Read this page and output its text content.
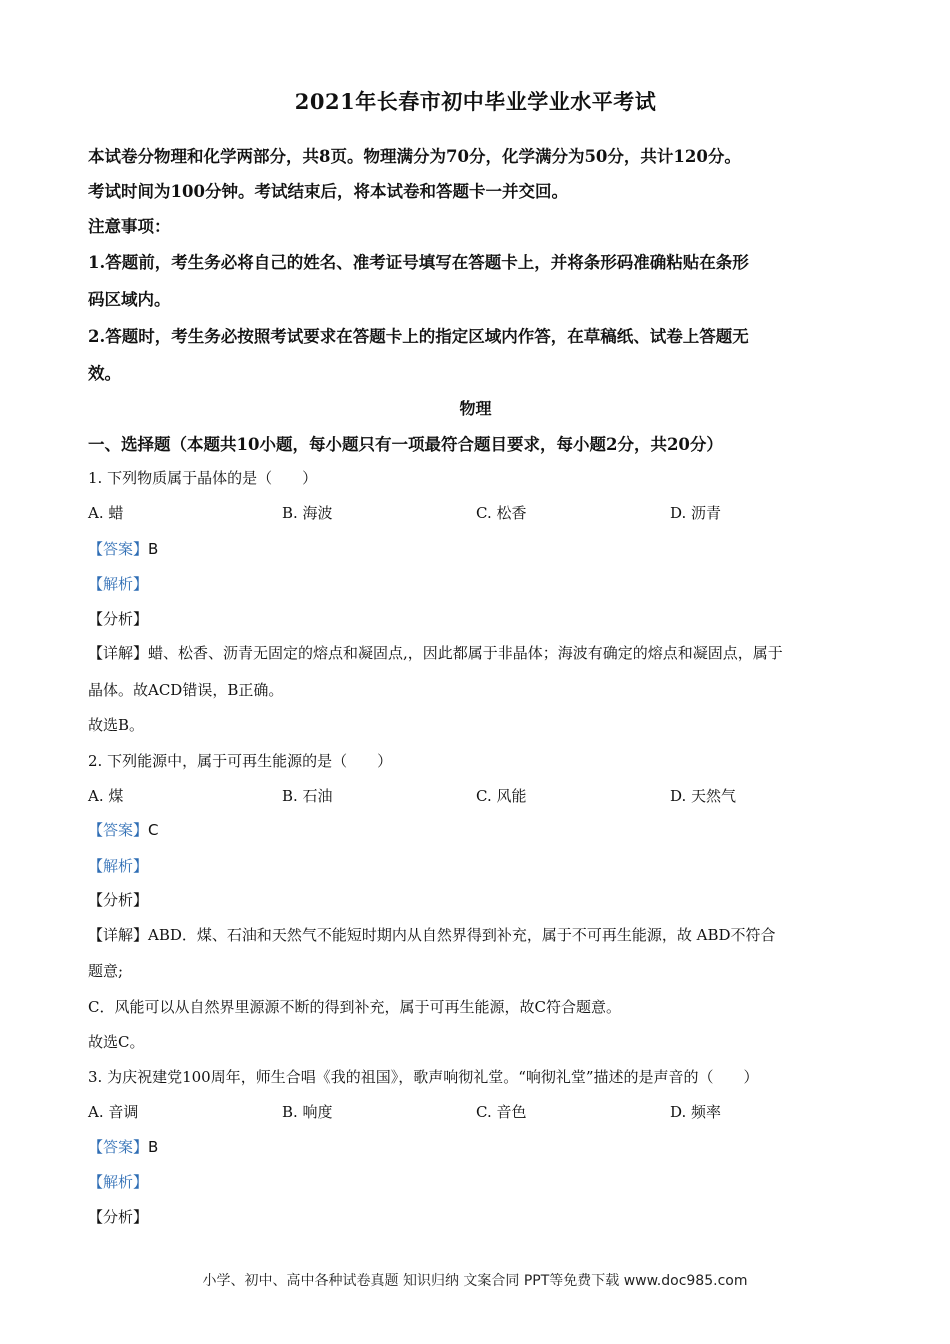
2021年长春市初中毕业学业水平考试
本试卷分物理和化学两部分，共8页。物理满分为70分，化学满分为50分，共计120分。
考试时间为100分钟。考试结束后，将本试卷和答题卡一并交回。
注意事项：
1.答题前，考生务必将自己的姓名、准考证号填写在答题卡上，并将条形码准确粘贴在条形
码区域内。
2.答题时，考生务必按照考试要求在答题卡上的指定区域内作答，在草稿纸、试卷上答题无
效。
物理
一、选择题（本题共10小题，每小题只有一项最符合题目要求，每小题2分，共20分）
1. 下列物质属于晶体的是（　　）
A. 蜡	B. 海波	C. 松香	D. 沥青
【答案】B
【解析】
【分析】
【详解】蜡、松香、沥青无固定的熔点和凝固点,，因此都属于非晶体；海波有确定的熔点和凝固点，属于
晶体。故ACD错误，B正确。
故选B。
2. 下列能源中，属于可再生能源的是（　　）
A. 煤	B. 石油	C. 风能	D. 天然气
【答案】C
【解析】
【分析】
【详解】ABD．煤、石油和天然气不能短时期内从自然界得到补充，属于不可再生能源，故 ABD不符合
题意;
C．风能可以从自然界里源源不断的得到补充，属于可再生能源，故C符合题意。
故选C。
3. 为庆祝建党100周年，师生合唱《我的祖国》，歌声响彻礼堂。“响彻礼堂”描述的是声音的（　　）
A. 音调	B. 响度	C. 音色	D. 频率
【答案】B
【解析】
【分析】
小学、初中、高中各种试卷真题 知识归纳 文案合同 PPT等免费下载 www.doc985.com
